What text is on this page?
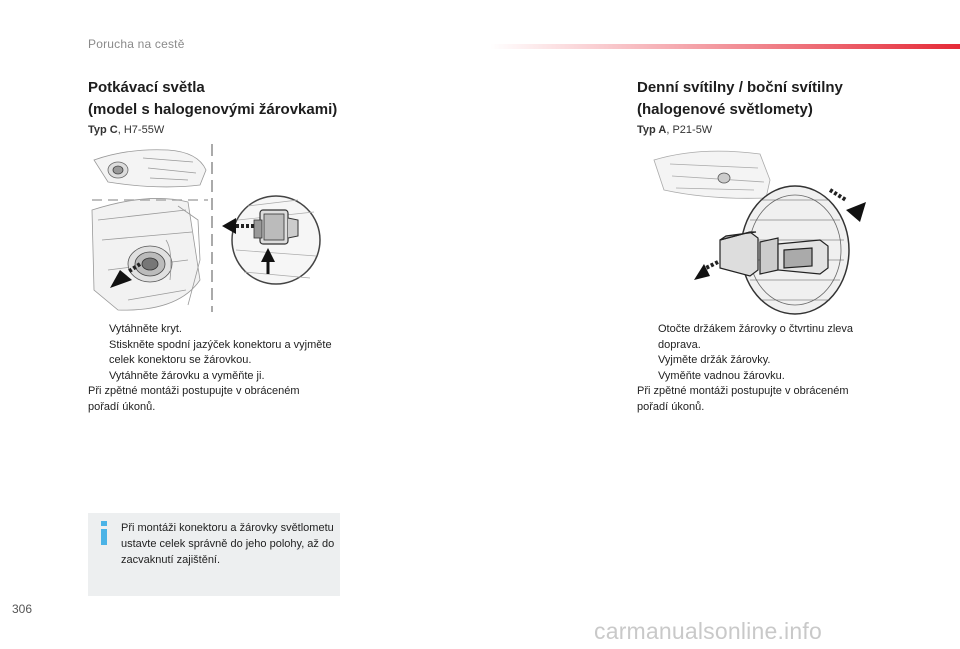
Porucha na cestě
Potkávací světla
(model s halogenovými žárovkami)
Typ C, H7-55W
Vytáhněte kryt.
Stiskněte spodní jazýček konektoru a vyjměte celek konektoru se žárovkou.
Vytáhněte žárovku a vyměňte ji.
Při zpětné montáži postupujte v obráceném
pořadí úkonů.
Při montáži konektoru a žárovky světlometu ustavte celek správně do jeho polohy, až do zacvaknutí zajištění.
Denní svítilny / boční svítilny
(halogenové světlomety)
Typ A, P21-5W
Otočte držákem žárovky o čtvrtinu zleva doprava.
Vyjměte držák žárovky.
Vyměňte vadnou žárovku.
Při zpětné montáži postupujte v obráceném
pořadí úkonů.
306
carmanualsonline.info
